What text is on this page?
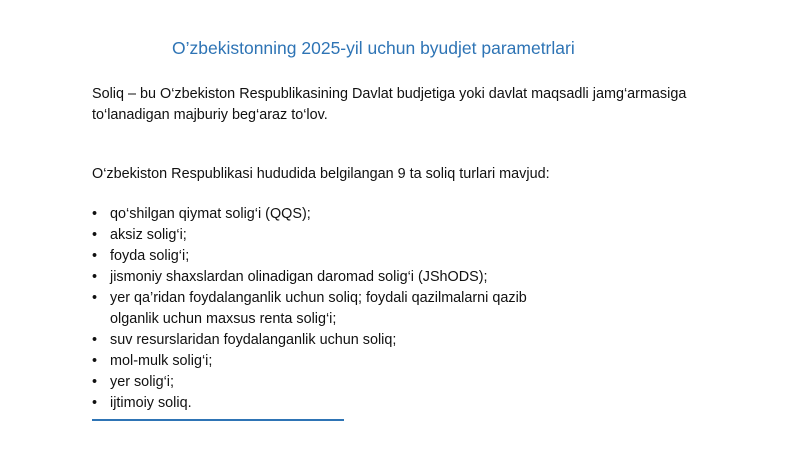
O’zbekistonning 2025-yil uchun byudjet parametrlari
Soliq – bu O‘zbekiston Respublikasining Davlat budjetiga yoki davlat maqsadli jamg‘armasiga to‘lanadigan majburiy beg‘araz to‘lov.
O‘zbekiston Respublikasi hududida belgilangan 9 ta soliq turlari mavjud:
• qo‘shilgan qiymat solig‘i (QQS);
• aksiz solig‘i;
• foyda solig‘i;
• jismoniy shaxslardan olinadigan daromad solig‘i (JShODS);
• yer qa’ridan foydalanganlik uchun soliq; foydali qazilmalarni qazib
olganlik uchun maxsus renta solig‘i;
• suv resurslaridan foydalanganlik uchun soliq;
• mol-mulk solig‘i;
• yer solig‘i;
• ijtimoiy soliq.
